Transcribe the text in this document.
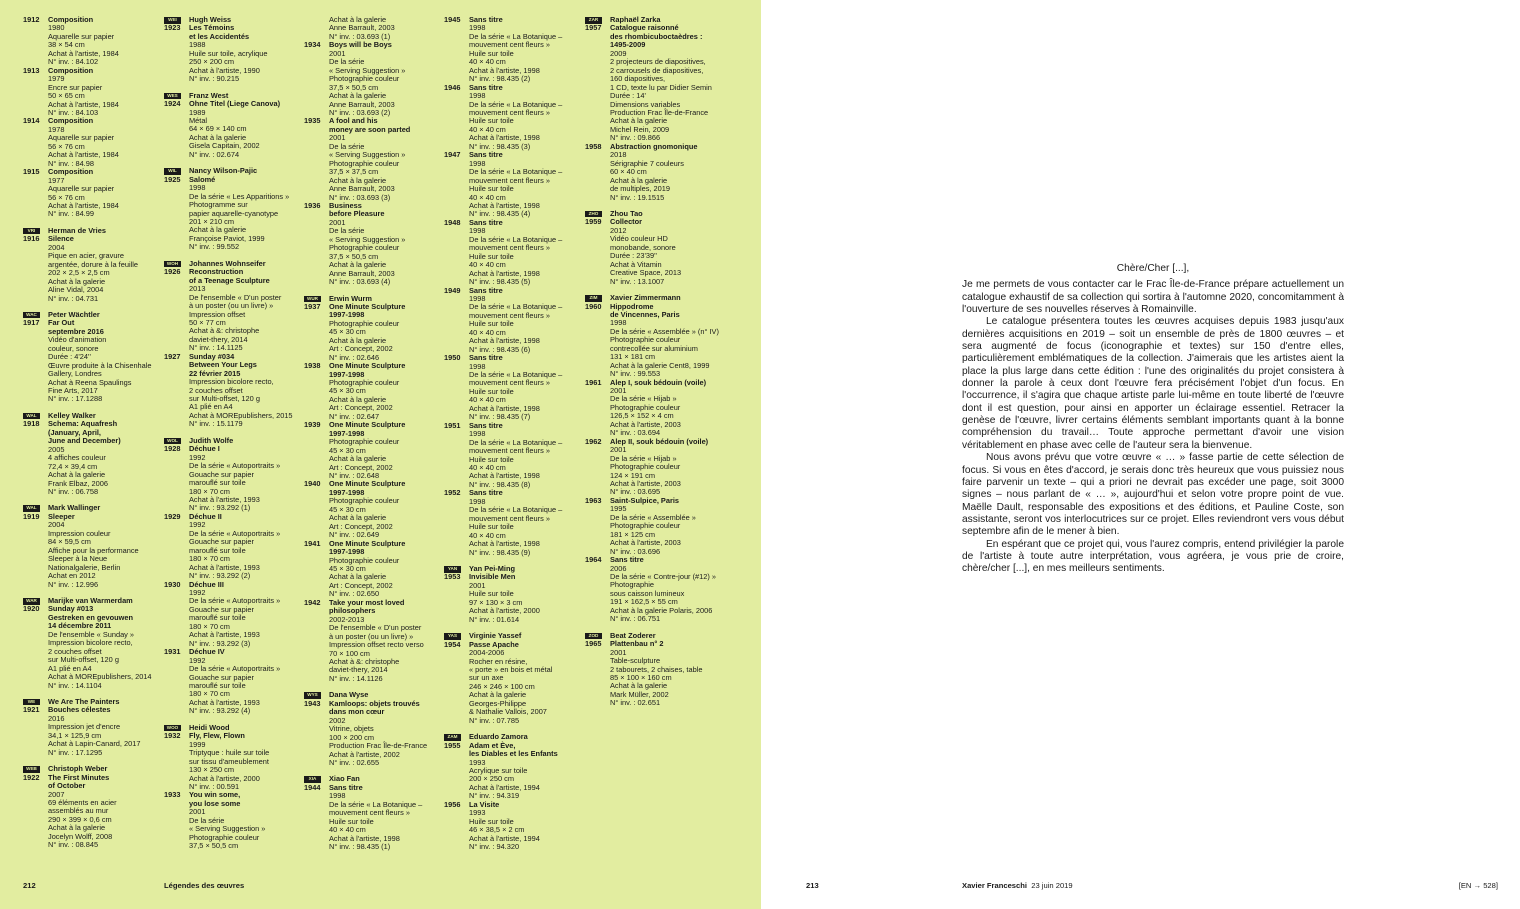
1912 Composition
1980
Aquarelle sur papier
38 × 54 cm
Achat à l'artiste, 1984
N° inv. : 84.102
1913 Composition
1979
Encre sur papier
50 × 65 cm
Achat à l'artiste, 1984
N° inv. : 84.103
1914 Composition
1978
Aquarelle sur papier
56 × 76 cm
Achat à l'artiste, 1984
N° inv. : 84.98
1915 Composition
1977
Aquarelle sur papier
56 × 76 cm
Achat à l'artiste, 1984
N° inv. : 84.99
VRI Herman de Vries
1916 Silence
2004
Pique en acier, gravure
argentée, dorure à la feuille
202 × 2,5 × 2,5 cm
Achat à la galerie
Aline Vidal, 2004
N° inv. : 04.731
WAC Peter Wächtler
1917 Far Out
septembre 2016
Vidéo d'animation
couleur, sonore
Durée : 4'24''
Œuvre produite à la Chisenhale
Gallery, Londres
Achat à Reena Spaulings
Fine Arts, 2017
N° inv. : 17.1288
WAL Kelley Walker
1918 Schema: Aquafresh
(January, April,
June and December)
2005
4 affiches couleur
72,4 × 39,4 cm
Achat à la galerie
Frank Elbaz, 2006
N° inv. : 06.758
WAL Mark Wallinger
1919 Sleeper
2004
Impression couleur
84 × 59,5 cm
Affiche pour la performance
Sleeper à la Neue
Nationalgalerie, Berlin
Achat en 2012
N° inv. : 12.996
WAR Marijke van Warmerdam
1920 Sunday #013
Gestreken en gevouwen
14 décembre 2011
De l'ensemble « Sunday »
Impression bicolore recto,
2 couches offset
sur Multi-offset, 120 g
A1 plié en A4
Achat à MOREpublishers, 2014
N° inv. : 14.1104
WE We Are The Painters
1921 Bouches célestes
2016
Impression jet d'encre
34,1 × 125,9 cm
Achat à Lapin-Canard, 2017
N° inv. : 17.1295
WEB Christoph Weber
1922 The First Minutes
of October
2007
69 éléments en acier
assemblés au mur
290 × 399 × 0,6 cm
Achat à la galerie
Jocelyn Wolff, 2008
N° inv. : 08.845
WEI Hugh Weiss
1923 Les Témoins
et les Accidentés
1988
Huile sur toile, acrylique
250 × 200 cm
Achat à l'artiste, 1990
N° inv. : 90.215
WES Franz West
1924 Ohne Titel (Liege Canova)
1989
Métal
64 × 69 × 140 cm
Achat à la galerie
Gisela Capitain, 2002
N° inv. : 02.674
WIL Nancy Wilson-Pajic
1925 Salomé
1998
De la série « Les Apparitions »
Photogramme sur
papier aquarelle-cyanotype
201 × 210 cm
Achat à la galerie
Françoise Paviot, 1999
N° inv. : 99.552
WOH Johannes Wohnseifer
1926 Reconstruction
of a Teenage Sculpture
2013
De l'ensemble « D'un poster
à un poster (ou un livre) »
Impression offset
50 × 77 cm
Achat à &: christophe
daviet-thery, 2014
N° inv. : 14.1125
1927 Sunday #034
Between Your Legs
22 février 2015
Impression bicolore recto,
2 couches offset
sur Multi-offset, 120 g
A1 plié en A4
Achat à MOREpublishers, 2015
N° inv. : 15.1179
WOL Judith Wolfe
1928 Déchue I
1992
De la série « Autoportraits »
Gouache sur papier
marouflé sur toile
180 × 70 cm
Achat à l'artiste, 1993
N° inv. : 93.292 (1)
1929 Déchue II
1992
De la série « Autoportraits »
Gouache sur papier
marouflé sur toile
180 × 70 cm
Achat à l'artiste, 1993
N° inv. : 93.292 (2)
1930 Déchue III
1992
De la série « Autoportraits »
Gouache sur papier
marouflé sur toile
180 × 70 cm
Achat à l'artiste, 1993
N° inv. : 93.292 (3)
1931 Déchue IV
1992
De la série « Autoportraits »
Gouache sur papier
marouflé sur toile
180 × 70 cm
Achat à l'artiste, 1993
N° inv. : 93.292 (4)
WOO Heidi Wood
1932 Fly, Flew, Flown
1999
Triptyque : huile sur toile
sur tissu d'ameublement
130 × 250 cm
Achat à l'artiste, 2000
N° inv. : 00.591
1933 You win some,
you lose some
2001
De la série
« Serving Suggestion »
Photographie couleur
37,5 × 50,5 cm
Achat à la galerie
Anne Barrault, 2003
N° inv. : 03.693 (1)
1934 Boys will be Boys
2001
De la série
« Serving Suggestion »
Photographie couleur
37,5 × 50,5 cm
Achat à la galerie
Anne Barrault, 2003
N° inv. : 03.693 (2)
1935 A fool and his
money are soon parted
2001
De la série
« Serving Suggestion »
Photographie couleur
37,5 × 37,5 cm
Achat à la galerie
Anne Barrault, 2003
N° inv. : 03.693 (3)
1936 Business
before Pleasure
2001
De la série
« Serving Suggestion »
Photographie couleur
37,5 × 50,5 cm
Achat à la galerie
Anne Barrault, 2003
N° inv. : 03.693 (4)
WUR Erwin Wurm
1937 One Minute Sculpture
1997-1998
Photographie couleur
45 × 30 cm
Achat à la galerie
Art : Concept, 2002
N° inv. : 02.646
1938 One Minute Sculpture
1997-1998
Photographie couleur
45 × 30 cm
Achat à la galerie
Art : Concept, 2002
N° inv. : 02.647
1939 One Minute Sculpture
1997-1998
Photographie couleur
45 × 30 cm
Achat à la galerie
Art : Concept, 2002
N° inv. : 02.648
1940 One Minute Sculpture
1997-1998
Photographie couleur
45 × 30 cm
Achat à la galerie
Art : Concept, 2002
N° inv. : 02.649
1941 One Minute Sculpture
1997-1998
Photographie couleur
45 × 30 cm
Achat à la galerie
Art : Concept, 2002
N° inv. : 02.650
1942 Take your most loved
philosophers
2002-2013
De l'ensemble « D'un poster
à un poster (ou un livre) »
Impression offset recto verso
70 × 100 cm
Achat à &: christophe
daviet-thery, 2014
N° inv. : 14.1126
WYS Dana Wyse
1943 Kamloops: objets trouvés
dans mon cœur
2002
Vitrine, objets
100 × 200 cm
Production Frac Île-de-France
Achat à l'artiste, 2002
N° inv. : 02.655
XIA Xiao Fan
1944 Sans titre
1998
De la série « La Botanique –
mouvement cent fleurs »
Huile sur toile
40 × 40 cm
Achat à l'artiste, 1998
N° inv. : 98.435 (1)
1945 Sans titre
1998
De la série « La Botanique –
mouvement cent fleurs »
Huile sur toile
40 × 40 cm
Achat à l'artiste, 1998
N° inv. : 98.435 (2)
1946 Sans titre
1998
De la série « La Botanique –
mouvement cent fleurs »
Huile sur toile
40 × 40 cm
Achat à l'artiste, 1998
N° inv. : 98.435 (3)
1947 Sans titre
1998
De la série « La Botanique –
mouvement cent fleurs »
Huile sur toile
40 × 40 cm
Achat à l'artiste, 1998
N° inv. : 98.435 (4)
1948 Sans titre
1998
De la série « La Botanique –
mouvement cent fleurs »
Huile sur toile
40 × 40 cm
Achat à l'artiste, 1998
N° inv. : 98.435 (5)
1949 Sans titre
1998
De la série « La Botanique –
mouvement cent fleurs »
Huile sur toile
40 × 40 cm
Achat à l'artiste, 1998
N° inv. : 98.435 (6)
1950 Sans titre
1998
De la série « La Botanique –
mouvement cent fleurs »
Huile sur toile
40 × 40 cm
Achat à l'artiste, 1998
N° inv. : 98.435 (7)
1951 Sans titre
1998
De la série « La Botanique –
mouvement cent fleurs »
Huile sur toile
40 × 40 cm
Achat à l'artiste, 1998
N° inv. : 98.435 (8)
1952 Sans titre
1998
De la série « La Botanique –
mouvement cent fleurs »
Huile sur toile
40 × 40 cm
Achat à l'artiste, 1998
N° inv. : 98.435 (9)
YAN Yan Pei-Ming
1953 Invisible Men
2001
Huile sur toile
97 × 130 × 3 cm
Achat à l'artiste, 2000
N° inv. : 01.614
YAS Virginie Yassef
1954 Passe Apache
2004-2006
Rocher en résine,
« porte » en bois et métal
sur un axe
246 × 246 × 100 cm
Achat à la galerie
Georges-Philippe
& Nathalie Vallois, 2007
N° inv. : 07.785
ZAM Eduardo Zamora
1955 Adam et Ève,
les Diables et les Enfants
1993
Acrylique sur toile
200 × 250 cm
Achat à l'artiste, 1994
N° inv. : 94.319
1956 La Visite
1993
Huile sur toile
46 × 38,5 × 2 cm
Achat à l'artiste, 1994
N° inv. : 94.320
ZAR Raphaël Zarka
1957 Catalogue raisonné
des rhombicuboctaèdres :
1495-2009
2009
2 projecteurs de diapositives,
2 carrousels de diapositives,
160 diapositives,
1 CD, texte lu par Didier Semin
Durée : 14'
Dimensions variables
Production Frac Île-de-France
Achat à la galerie
Michel Rein, 2009
N° inv. : 09.866
1958 Abstraction gnomonique
2018
Sérigraphie 7 couleurs
60 × 40 cm
Achat à la galerie
de multiples, 2019
N° inv. : 19.1515
ZHO Zhou Tao
1959 Collector
2012
Vidéo couleur HD
monobande, sonore
Durée : 23'39''
Achat à Vitamin
Creative Space, 2013
N° inv. : 13.1007
ZIM Xavier Zimmermann
1960 Hippodrome
de Vincennes, Paris
1998
De la série « Assemblée » (n° IV)
Photographie couleur
contrecollée sur aluminium
131 × 181 cm
Achat à la galerie Cent8, 1999
N° inv. : 99.553
1961 Alep I, souk bédouin (voile)
2001
De la série « Hijab »
Photographie couleur
126,5 × 152 × 4 cm
Achat à l'artiste, 2003
N° inv. : 03.694
1962 Alep II, souk bédouin (voile)
2001
De la série « Hijab »
Photographie couleur
124 × 191 cm
Achat à l'artiste, 2003
N° inv. : 03.695
1963 Saint-Sulpice, Paris
1995
De la série « Assemblée »
Photographie couleur
181 × 125 cm
Achat à l'artiste, 2003
N° inv. : 03.696
1964 Sans titre
2006
De la série « Contre-jour (#12) »
Photographie
sous caisson lumineux
191 × 162,5 × 55 cm
Achat à la galerie Polaris, 2006
N° inv. : 06.751
ZOD Beat Zoderer
1965 Plattenbau n° 2
2001
Table-sculpture
2 tabourets, 2 chaises, table
85 × 100 × 160 cm
Achat à la galerie
Mark Müller, 2002
N° inv. : 02.651
212	Légendes des œuvres

Chère/Cher [...],

Je me permets de vous contacter car le Frac Île-de-France prépare actuellement un catalogue exhaustif de sa collection qui sortira à l'automne 2020, concomitamment à l'ouverture de ses nouvelles réserves à Romainville.

Le catalogue présentera toutes les œuvres acquises depuis 1983 jusqu'aux dernières acquisitions en 2019 – soit un ensemble de près de 1800 œuvres – et sera augmenté de focus (iconographie et textes) sur 150 d'entre elles, particulièrement emblématiques de la collection. J'aimerais que les artistes aient la place la plus large dans cette édition : l'une des originalités du projet consistera à donner la parole à ceux dont l'œuvre fera précisément l'objet d'un focus. En l'occurrence, il s'agira que chaque artiste parle lui-même en toute liberté de l'œuvre dont il est question, pour ainsi en apporter un éclairage essentiel. Retracer la genèse de l'œuvre, livrer certains éléments semblant importants quant à la bonne compréhension du travail… Toute approche permettant d'avoir une vision véritablement en phase avec celle de l'auteur sera la bienvenue.

Nous avons prévu que votre œuvre « … » fasse partie de cette sélection de focus. Si vous en êtes d'accord, je serais donc très heureux que vous puissiez nous faire parvenir un texte – qui a priori ne devrait pas excéder une page, soit 3000 signes – nous parlant de « … », aujourd'hui et selon votre propre point de vue. Maëlle Dault, responsable des expositions et des éditions, et Pauline Coste, son assistante, seront vos interlocutrices sur ce projet. Elles reviendront vers vous début septembre afin de le mener à bien.

En espérant que ce projet qui, vous l'aurez compris, entend privilégier la parole de l'artiste à toute autre interprétation, vous agréera, je vous prie de croire, chère/cher [...], en mes meilleurs sentiments.

213	Xavier Franceschi 23 juin 2019	[EN → 528]
